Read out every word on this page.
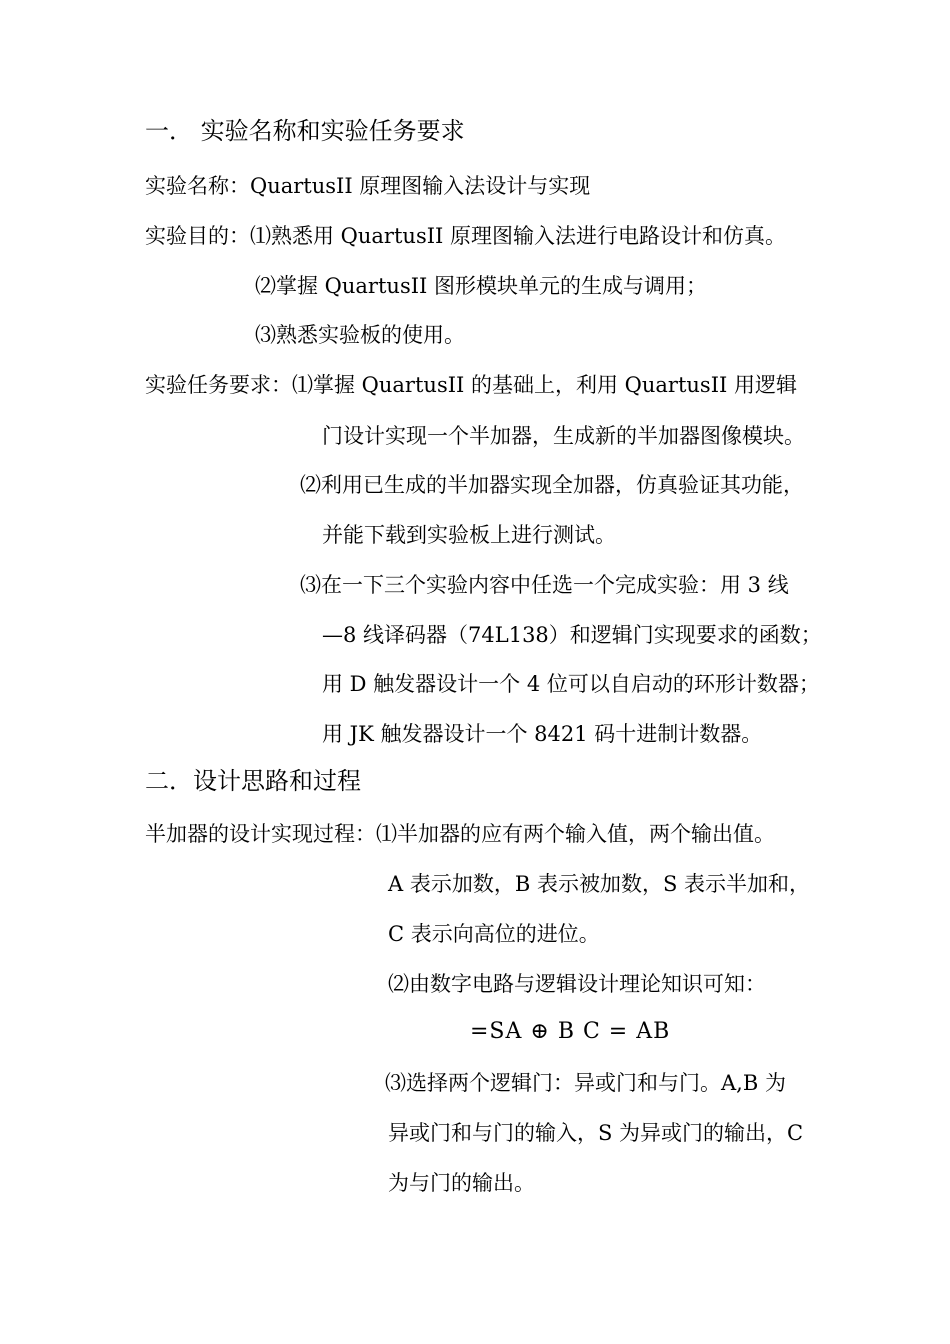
一． 实验名称和实验任务要求
实验名称：QuartusII 原理图输入法设计与实现
实验目的：⑴熟悉用 QuartusII 原理图输入法进行电路设计和仿真。
⑵掌握 QuartusII 图形模块单元的生成与调用；
⑶熟悉实验板的使用。
实验任务要求：⑴掌握 QuartusII 的基础上，利用 QuartusII 用逻辑
门设计实现一个半加器，生成新的半加器图像模块。
⑵利用已生成的半加器实现全加器，仿真验证其功能，
并能下载到实验板上进行测试。
⑶在一下三个实验内容中任选一个完成实验：用 3 线
—8 线译码器（74L138）和逻辑门实现要求的函数；
用 D 触发器设计一个 4 位可以自启动的环形计数器；
用 JK 触发器设计一个 8421 码十进制计数器。
二．设计思路和过程
半加器的设计实现过程：⑴半加器的应有两个输入值，两个输出值。
A 表示加数，B 表示被加数，S 表示半加和，
C 表示向高位的进位。
⑵由数字电路与逻辑设计理论知识可知：
=SA ⊕ B C = AB
⑶选择两个逻辑门：异或门和与门。A,B 为
异或门和与门的输入，S 为异或门的输出，C
为与门的输出。
